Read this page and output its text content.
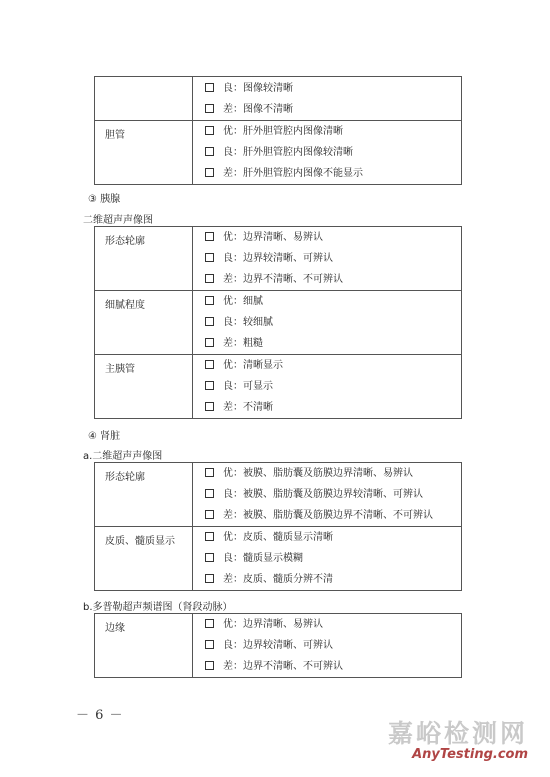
	良：图像较清晰
差：图像不清晰

胆管	优：肝外胆管腔内图像清晰
良：肝外胆管腔内图像较清晰
差：肝外胆管腔内图像不能显示
③ 胰腺
二维超声声像图
形态轮廓	优：边界清晰、易辨认
良：边界较清晰、可辨认
差：边界不清晰、不可辨认

细腻程度	优：细腻
良：较细腻
差：粗糙

主胰管	优：清晰显示
良：可显示
差：不清晰
④ 肾脏
a.二维超声声像图
形态轮廓	优：被膜、脂肪囊及筋膜边界清晰、易辨认
良：被膜、脂肪囊及筋膜边界较清晰、可辨认
差：被膜、脂肪囊及筋膜边界不清晰、不可辨认

皮质、髓质显示	优：皮质、髓质显示清晰
良：髓质显示模糊
差：皮质、髓质分辨不清
b.多普勒超声频谱图（肾段动脉）
边缘	优：边界清晰、易辨认
良：边界较清晰、可辨认
差：边界不清晰、不可辨认
－ 6 －
嘉峪检测网
AnyTesting.com
